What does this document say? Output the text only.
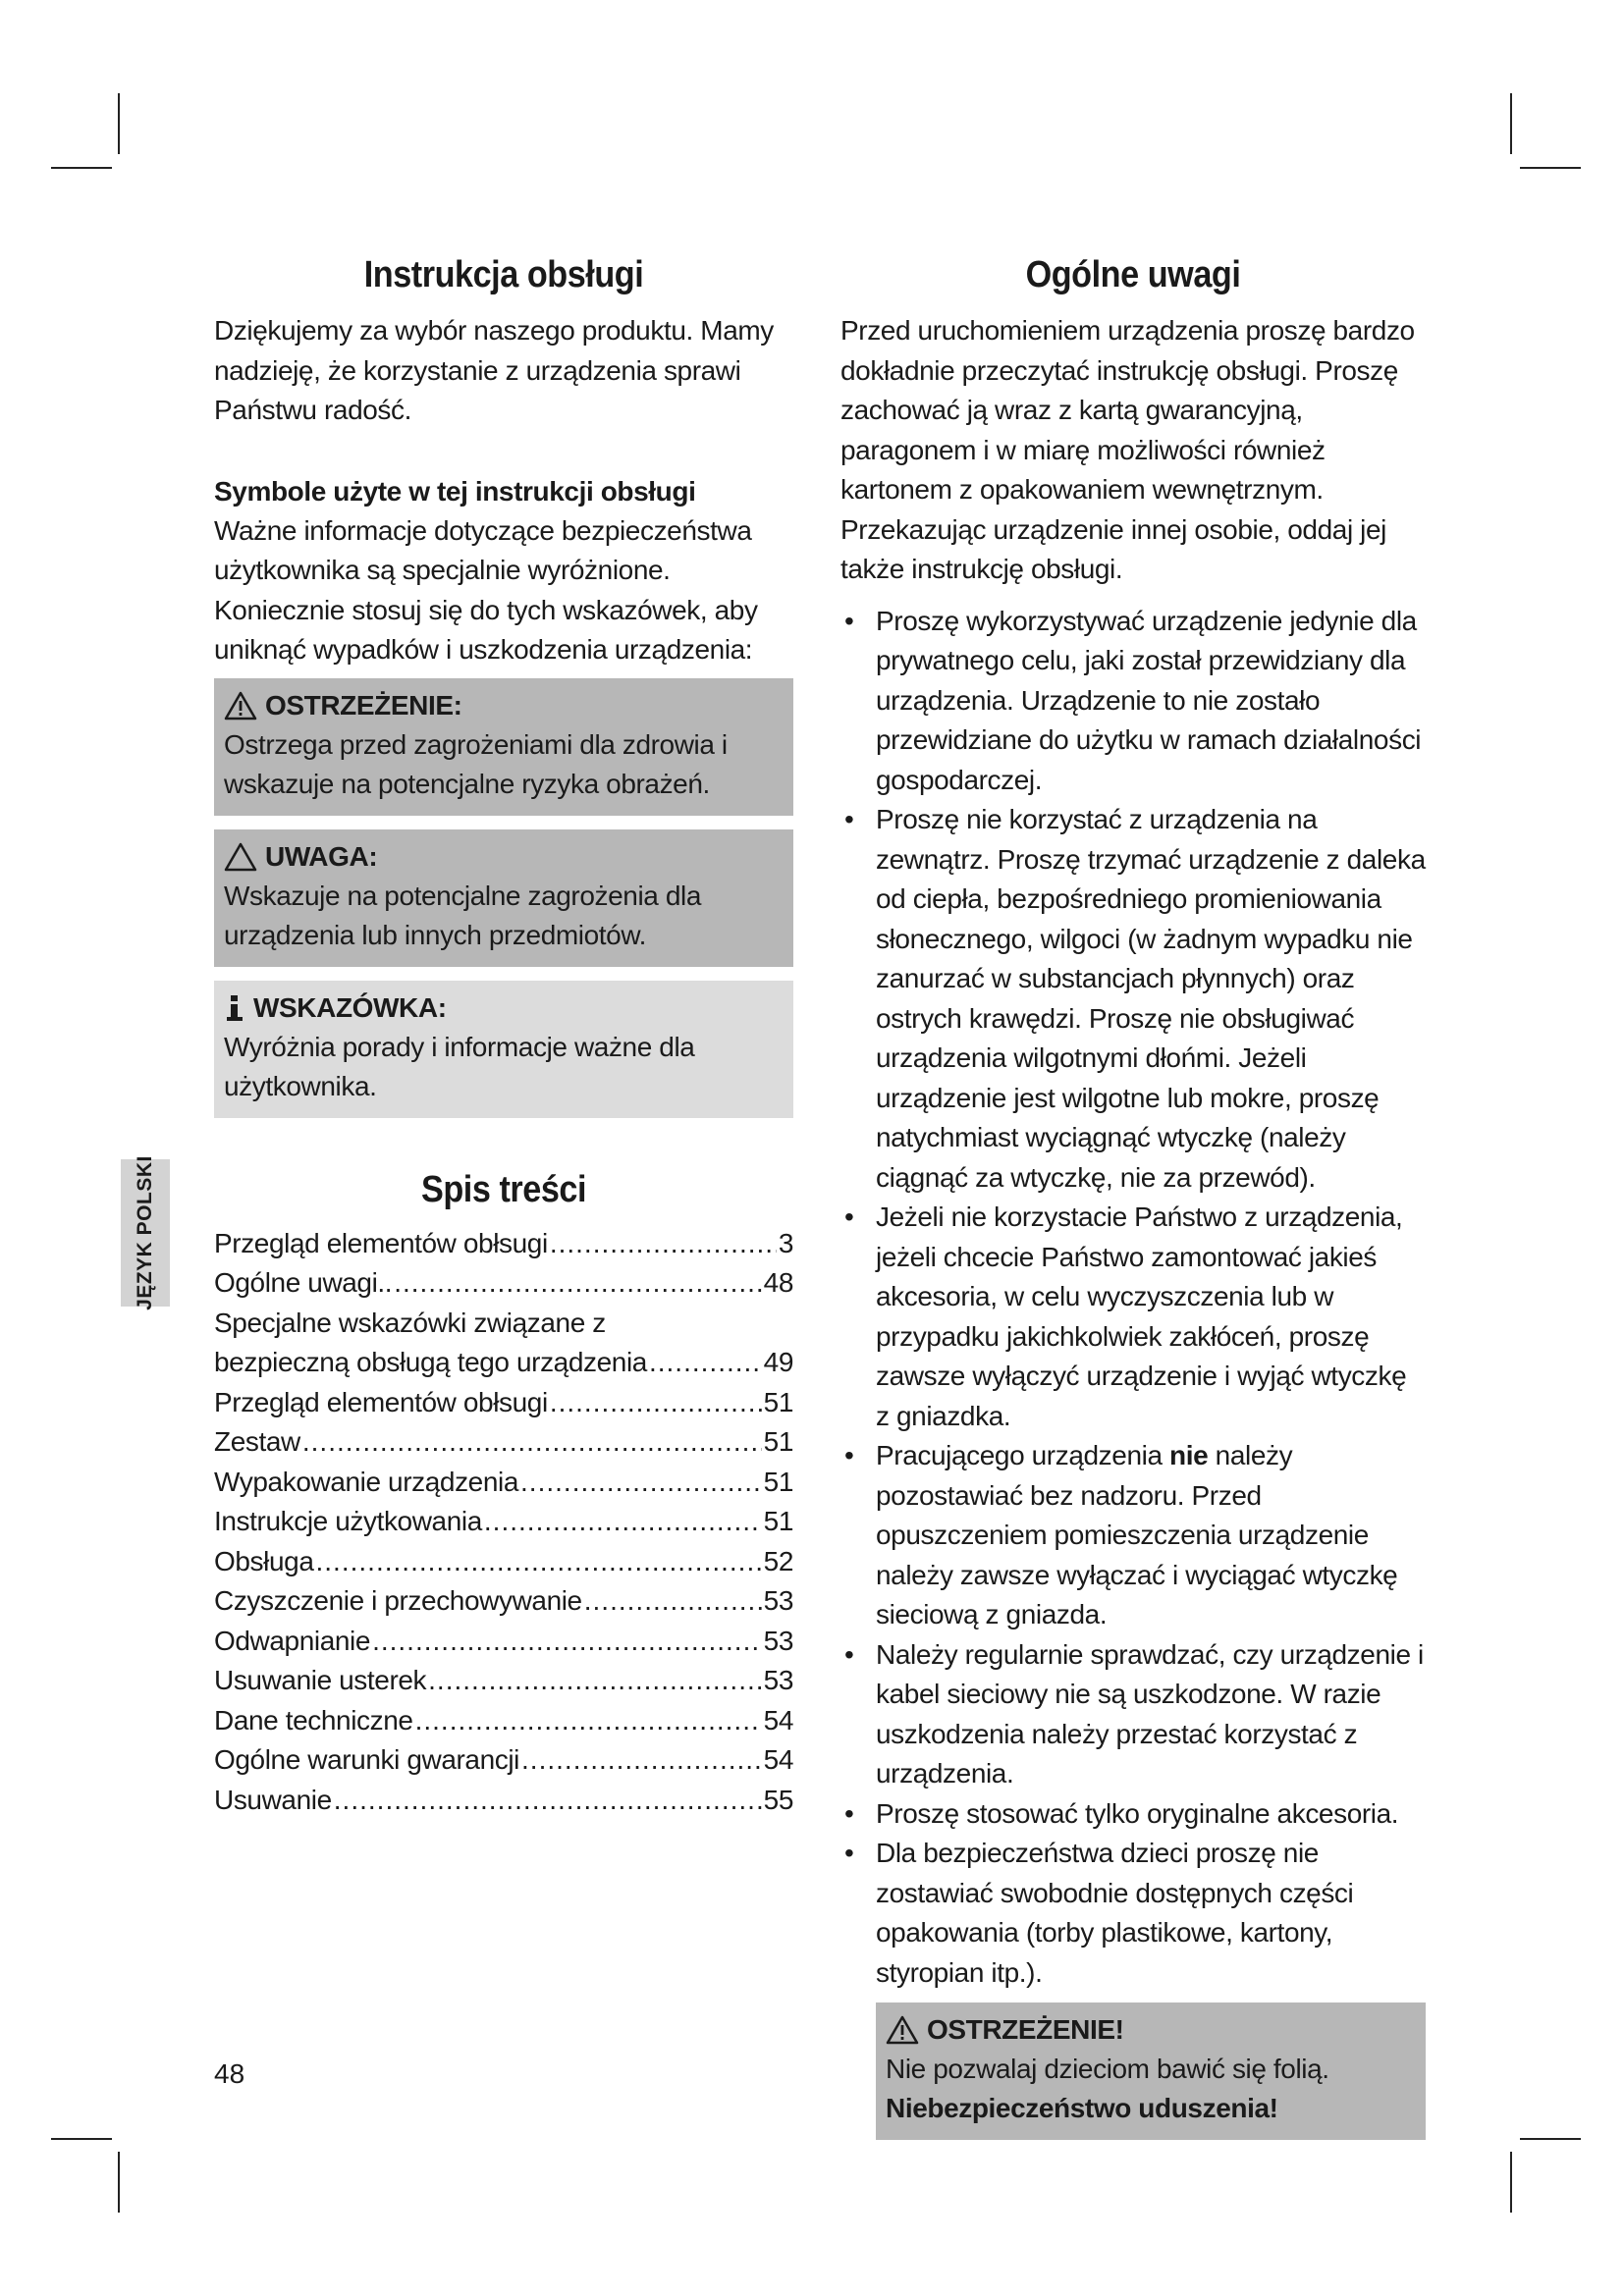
JĘZYK POLSKI
Instrukcja obsługi

Dziękujemy za wybór naszego produktu. Mamy nadzieję, że korzystanie z urządzenia sprawi Państwu radość.

Symbole użyte w tej instrukcji obsługi

Ważne informacje dotyczące bezpieczeństwa użytkownika są specjalnie wyróżnione. Koniecznie stosuj się do tych wskazówek, aby uniknąć wypadków i uszkodzenia urządzenia:

OSTRZEŻENIE:
Ostrzega przed zagrożeniami dla zdrowia i wskazuje na potencjalne ryzyka obrażeń.
UWAGA:
Wskazuje na potencjalne zagrożenia dla urządzenia lub innych przedmiotów.
WSKAZÓWKA:
Wyróżnia porady i informacje ważne dla użytkownika.
Spis treści
Przegląd elementów obłsugi .....	3
Ogólne uwagi.. .....	48
Specjalne wskazówki związane z
bezpieczną obsługą tego urządzenia .....	49
Przegląd elementów obłsugi .....	51
Zestaw .....	51
Wypakowanie urządzenia .....	51
Instrukcje użytkowania .....	51
Obsługa .....	52
Czyszczenie i przechowywanie .....	53
Odwapnianie .....	53
Usuwanie usterek .....	53
Dane techniczne .....	54
Ogólne warunki gwarancji .....	54
Usuwanie .....	55
Ogólne uwagi

Przed uruchomieniem urządzenia proszę bardzo dokładnie przeczytać instrukcję obsługi. Proszę zachować ją wraz z kartą gwarancyjną, paragonem i w miarę możliwości również kartonem z opakowaniem wewnętrznym. Przekazując urządzenie innej osobie, oddaj jej także instrukcję obsługi.

• Proszę wykorzystywać urządzenie jedynie dla prywatnego celu, jaki został przewidziany dla urządzenia. Urządzenie to nie zostało przewidziane do użytku w ramach działalności gospodarczej.
• Proszę nie korzystać z urządzenia na zewnątrz. Proszę trzymać urządzenie z daleka od ciepła, bezpośredniego promieniowania słonecznego, wilgoci (w żadnym wypadku nie zanurzać w substancjach płynnych) oraz ostrych krawędzi. Proszę nie obsługiwać urządzenia wilgotnymi dłońmi. Jeżeli urządzenie jest wilgotne lub mokre, proszę natychmiast wyciągnąć wtyczkę (należy ciągnąć za wtyczkę, nie za przewód).
• Jeżeli nie korzystacie Państwo z urządzenia, jeżeli chcecie Państwo zamontować jakieś akcesoria, w celu wyczyszczenia lub w przypadku jakichkolwiek zakłóceń, proszę zawsze wyłączyć urządzenie i wyjąć wtyczkę z gniazdka.
• Pracującego urządzenia nie należy pozostawiać bez nadzoru. Przed opuszczeniem pomieszczenia urządzenie należy zawsze wyłączać i wyciągać wtyczkę sieciową z gniazda.
• Należy regularnie sprawdzać, czy urządzenie i kabel sieciowy nie są uszkodzone. W razie uszkodzenia należy przestać korzystać z urządzenia.
• Proszę stosować tylko oryginalne akcesoria.
• Dla bezpieczeństwa dzieci proszę nie zostawiać swobodnie dostępnych części opakowania (torby plastikowe, kartony, styropian itp.).
OSTRZEŻENIE!
Nie pozwalaj dzieciom bawić się folią. Niebezpieczeństwo uduszenia!
48
